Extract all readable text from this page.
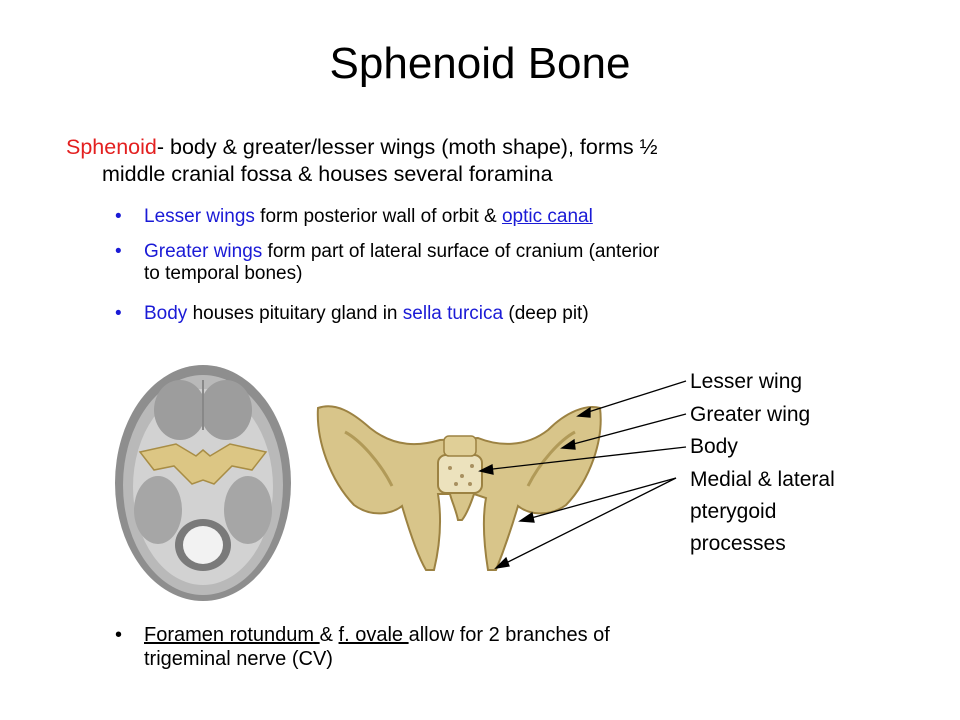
Sphenoid Bone
Sphenoid- body & greater/lesser wings (moth shape), forms ½
middle cranial fossa & houses several foramina
• Lesser wings form posterior wall of orbit & optic canal
• Greater wings form part of lateral surface of cranium (anterior
to temporal bones)
• Body houses pituitary gland in sella turcica (deep pit)
Lesser wing
Greater wing
Body
Medial & lateral
pterygoid
processes
• Foramen rotundum & f. ovale allow for 2 branches of
trigeminal nerve (CV)
